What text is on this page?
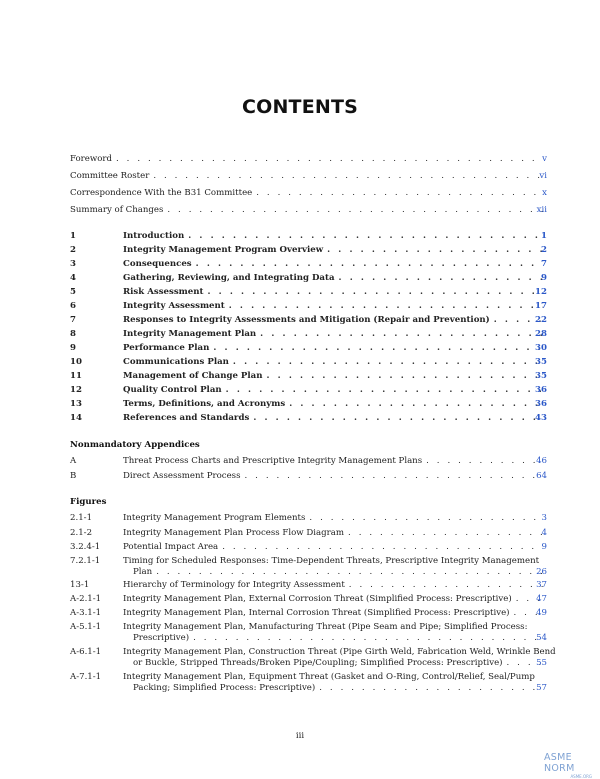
CONTENTS
Foreword . . .	v
Committee Roster . . .	vi
Correspondence With the B31 Committee . . .	x
Summary of Changes . . .	xii
1	Introduction . . .	1
2	Integrity Management Program Overview . . .	2
3	Consequences . . .	7
4	Gathering, Reviewing, and Integrating Data . . .	9
5	Risk Assessment . . .	12
6	Integrity Assessment . . .	17
7	Responses to Integrity Assessments and Mitigation (Repair and Prevention) . . .	22
8	Integrity Management Plan . . .	28
9	Performance Plan . . .	30
10	Communications Plan . . .	35
11	Management of Change Plan . . .	35
12	Quality Control Plan . . .	36
13	Terms, Definitions, and Acronyms . . .	36
14	References and Standards . . .	43
Nonmandatory Appendices
A	Threat Process Charts and Prescriptive Integrity Management Plans . . .	46
B	Direct Assessment Process . . .	64
Figures
2.1-1	Integrity Management Program Elements . . .	3
2.1-2	Integrity Management Plan Process Flow Diagram . . .	4
3.2.4-1	Potential Impact Area . . .	9
7.2.1-1	Timing for Scheduled Responses: Time-Dependent Threats, Prescriptive Integrity Management
Plan . . .	26
13-1	Hierarchy of Terminology for Integrity Assessment . . .	37
A-2.1-1	Integrity Management Plan, External Corrosion Threat (Simplified Process: Prescriptive) . . .	47
A-3.1-1	Integrity Management Plan, Internal Corrosion Threat (Simplified Process: Prescriptive) . . .	49
A-5.1-1	Integrity Management Plan, Manufacturing Threat (Pipe Seam and Pipe; Simplified Process:
Prescriptive) . . .	54
A-6.1-1	Integrity Management Plan, Construction Threat (Pipe Girth Weld, Fabrication Weld, Wrinkle Bend
or Buckle, Stripped Threads/Broken Pipe/Coupling; Simplified Process: Prescriptive) . . .	55
A-7.1-1	Integrity Management Plan, Equipment Threat (Gasket and O-Ring, Control/Relief, Seal/Pump
Packing; Simplified Process: Prescriptive) . . .	57
iii
ASME NORM
ASME.ORG
